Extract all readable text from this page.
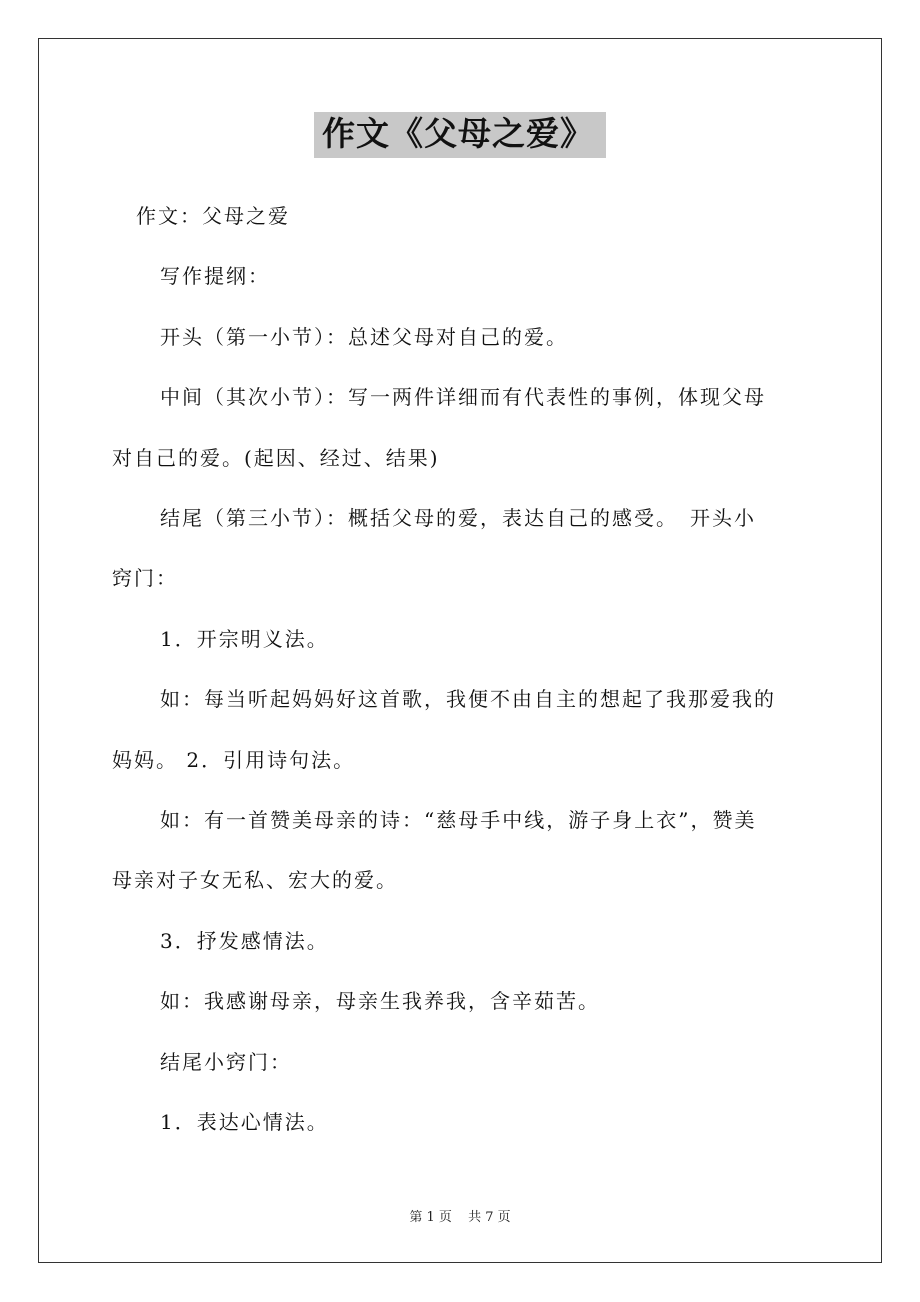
作文《父母之爱》

作文：父母之爱

写作提纲：

开头（第一小节）：总述父母对自己的爱。

中间（其次小节）：写一两件详细而有代表性的事例，体现父母

对自己的爱。(起因、经过、结果)

结尾（第三小节）：概括父母的爱，表达自己的感受。　开头小

窍门：

1．开宗明义法。

如：每当听起妈妈好这首歌，我便不由自主的想起了我那爱我的

妈妈。 2．引用诗句法。

如：有一首赞美母亲的诗：“慈母手中线，游子身上衣”，赞美

母亲对子女无私、宏大的爱。

3．抒发感情法。

如：我感谢母亲，母亲生我养我，含辛茹苦。

结尾小窍门：

1．表达心情法。

第 1 页 共 7 页
